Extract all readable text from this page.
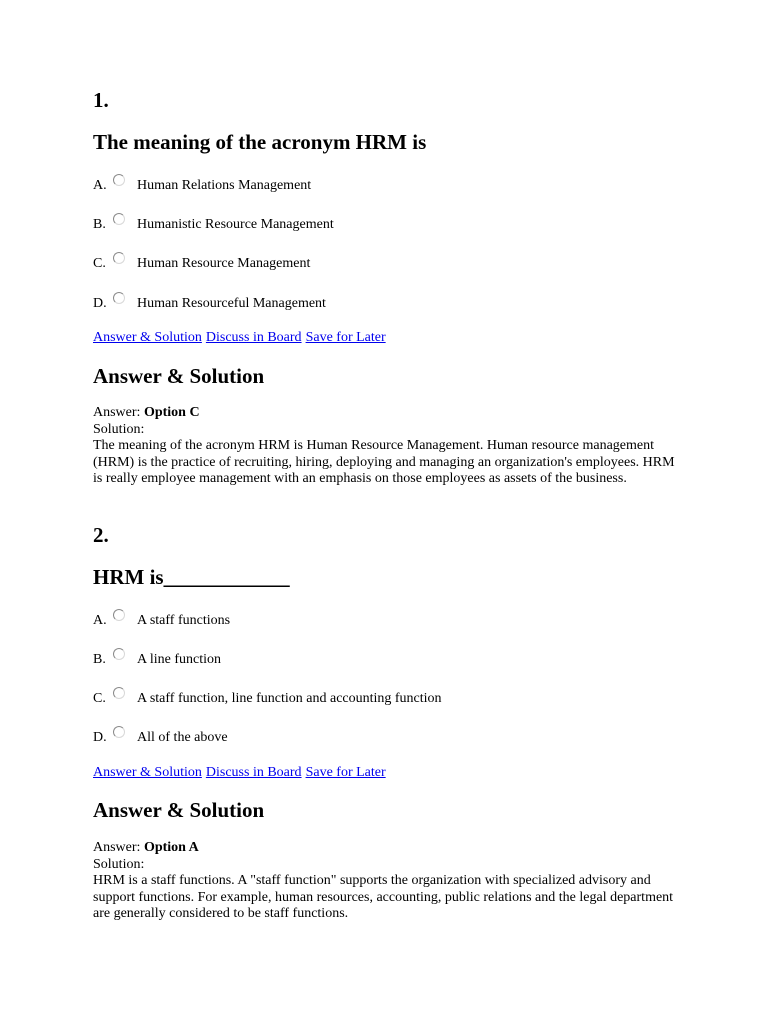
1.
The meaning of the acronym HRM is
A. Human Relations Management
B. Humanistic Resource Management
C. Human Resource Management
D. Human Resourceful Management
Answer & Solution Discuss in Board Save for Later
Answer & Solution
Answer: Option C
Solution:
The meaning of the acronym HRM is Human Resource Management. Human resource management (HRM) is the practice of recruiting, hiring, deploying and managing an organization's employees. HRM is really employee management with an emphasis on those employees as assets of the business.
2.
HRM is____________
A. A staff functions
B. A line function
C. A staff function, line function and accounting function
D. All of the above
Answer & Solution Discuss in Board Save for Later
Answer & Solution
Answer: Option A
Solution:
HRM is a staff functions. A "staff function" supports the organization with specialized advisory and support functions. For example, human resources, accounting, public relations and the legal department are generally considered to be staff functions.
